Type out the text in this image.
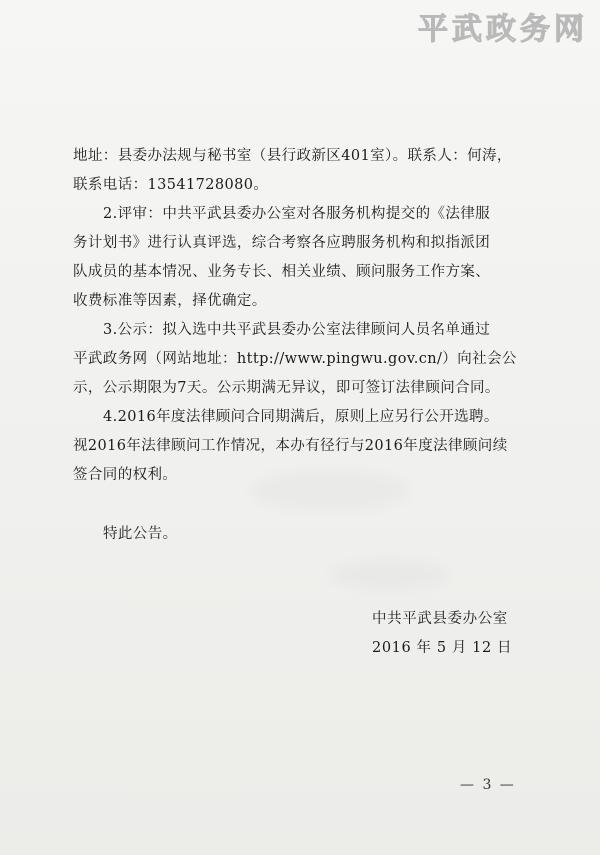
平武政务网
地址：县委办法规与秘书室（县行政新区401室）。联系人：何涛，
联系电话：13541728080。
2.评审：中共平武县委办公室对各服务机构提交的《法律服
务计划书》进行认真评选，综合考察各应聘服务机构和拟指派团
队成员的基本情况、业务专长、相关业绩、顾问服务工作方案、
收费标准等因素，择优确定。
3.公示：拟入选中共平武县委办公室法律顾问人员名单通过
平武政务网（网站地址：http://www.pingwu.gov.cn/）向社会公
示，公示期限为7天。公示期满无异议，即可签订法律顾问合同。
4.2016年度法律顾问合同期满后，原则上应另行公开选聘。
视2016年法律顾问工作情况，本办有径行与2016年度法律顾问续
签合同的权利。
特此公告。
中共平武县委办公室
2016 年 5 月 12 日
— 3 —
